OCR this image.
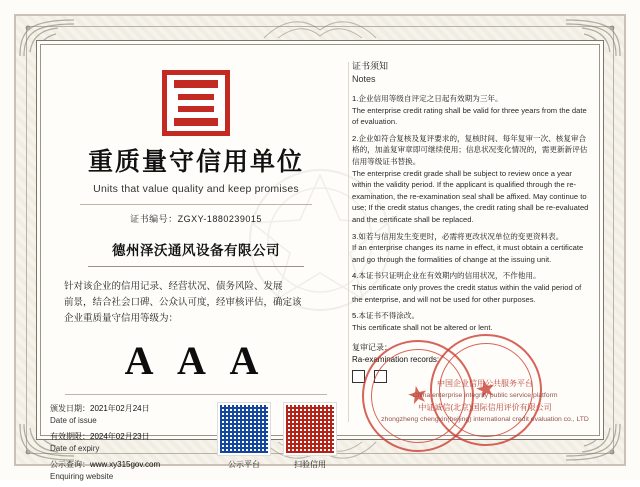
重质量守信用单位
Units that value quality and keep promises
证书编号：ZGXY-1880239015
德州泽沃通风设备有限公司

针对该企业的信用记录、经营状况、债务风险、发展

前景，结合社会口碑、公众认可度，经审核评估，确定该

企业重质量守信用等级为：

A A A
颁发日期：2021年02月24日
Date of issue
有效期限：2024年02月23日
Date of expiry
公示查询：www.xy315gov.com
Enquiring website
公示平台	扫验信用
证书须知
Notes
1.企业信用等级自评定之日起有效期为三年。
The enterprise credit rating shall be valid for three years from the date of evaluation.
2.企业如符合复核及复评要求的，复核时间、每年复审一次、核复审合格的，加盖复审章即可继续使用；信息状况变化情况的，需更新新评估信用等级证书替换。
The enterprise credit grade shall be subject to review once a year within the validity period. If the applicant is qualified through the re-examination, the re-examination seal shall be affixed. May continue to use; If the credit status changes, the credit rating shall be re-evaluated and the certificate shall be replaced.
3.如若与信用发生变更时，必需将更改状况单位的变更资料表。
If an enterprise changes its name in effect, it must obtain a certificate and go through the formalities of change at the issuing unit.
4.本证书只证明企业在有效期内的信用状况，不作他用。
This certificate only proves the credit status within the valid period of the enterprise, and will not be used for other purposes.
5.本证书不得涂改。
This certificate shall not be altered or lent.
复审记录：
Ra-examination records:
★ ★
中国企业信用公共服务平台
China enterprise integrity public service platform
中证诚信(北京)国际信用评价有限公司
zhongzheng chengxin(beijing) international credit evaluation co., LTD
